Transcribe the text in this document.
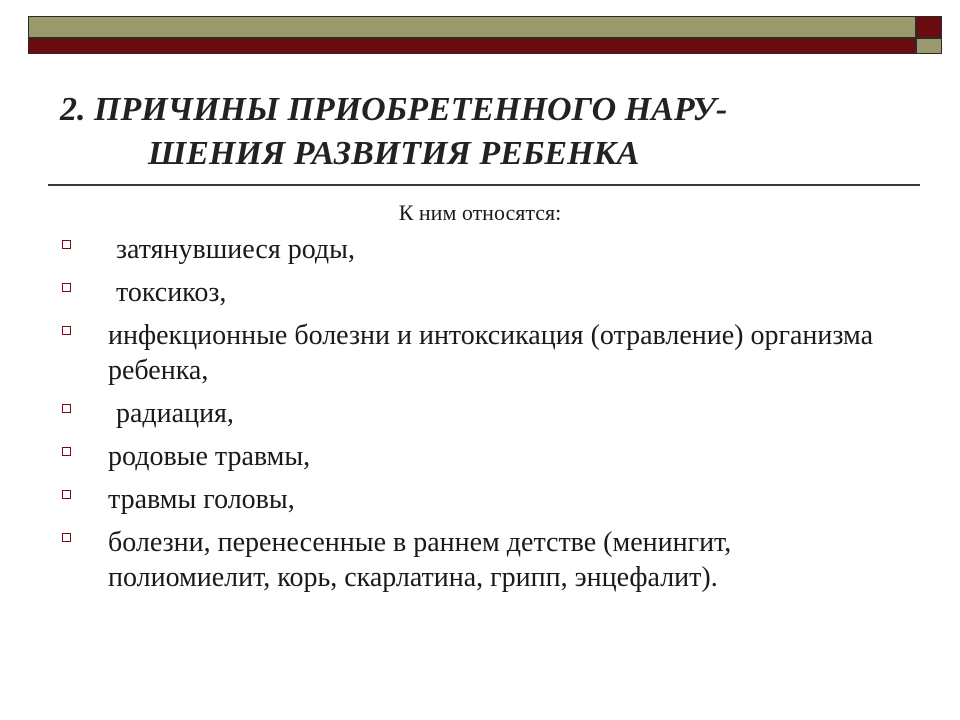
2. ПРИЧИНЫ ПРИОБРЕТЕННОГО НАРУ-
ШЕНИЯ РАЗВИТИЯ РЕБЕНКА
К ним относятся:
затянувшиеся роды,
токсикоз,
инфекционные болезни и интоксикация (отравление) организма ребенка,
радиация,
родовые травмы,
травмы головы,
болезни, перенесенные в раннем детстве (менингит, полиомиелит, корь, скарлатина, грипп, энцефалит).
